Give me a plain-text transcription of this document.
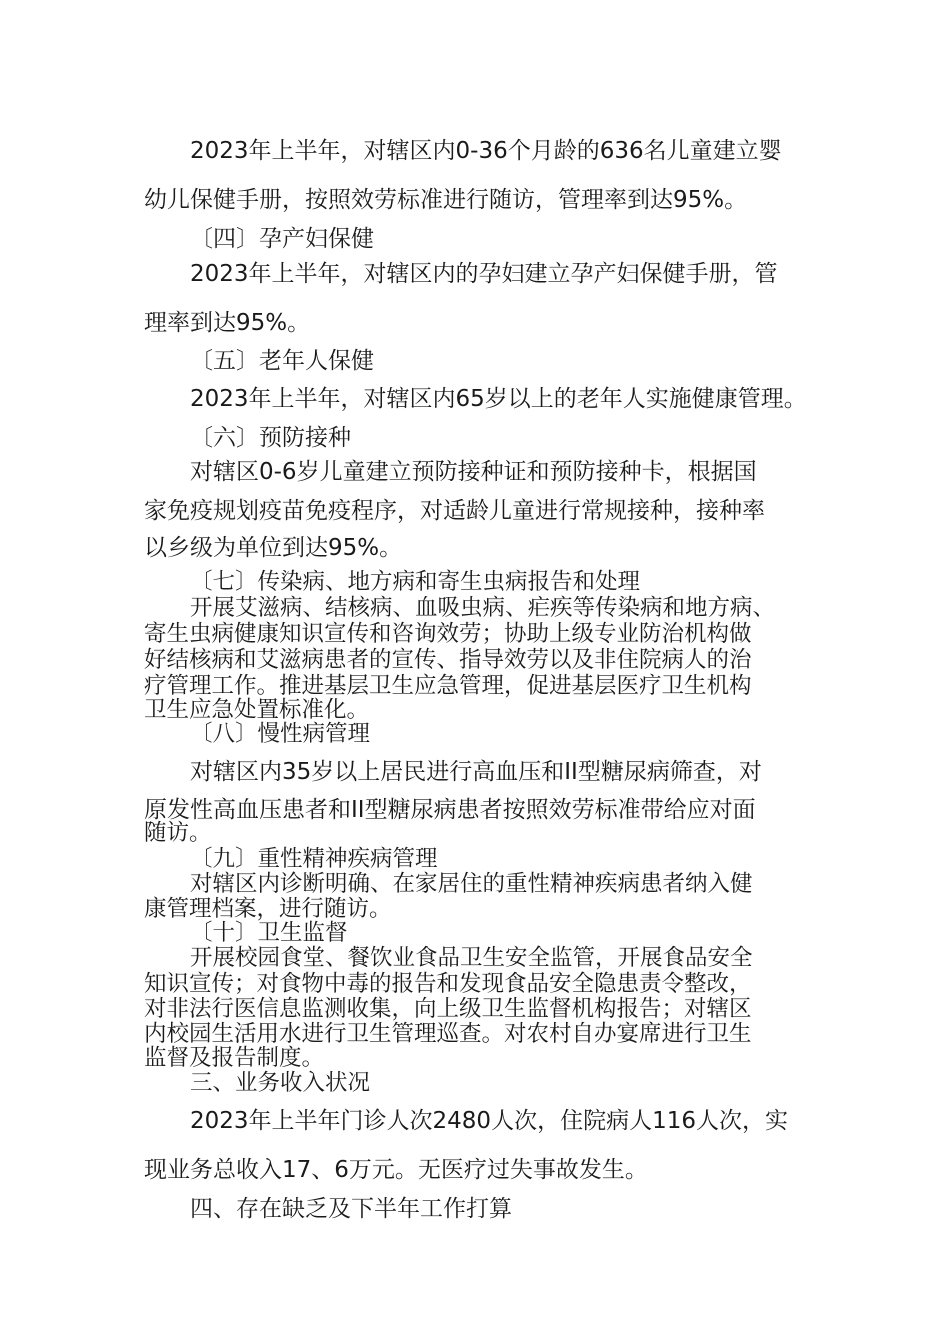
2023年上半年，对辖区内0-36个月龄的636名儿童建立婴

幼儿保健手册，按照效劳标准进行随访，管理率到达95%。

〔四〕孕产妇保健

2023年上半年，对辖区内的孕妇建立孕产妇保健手册，管

理率到达95%。

〔五〕老年人保健

2023年上半年，对辖区内65岁以上的老年人实施健康管理。

〔六〕预防接种

对辖区0-6岁儿童建立预防接种证和预防接种卡，根据国

家免疫规划疫苗免疫程序，对适龄儿童进行常规接种，接种率

以乡级为单位到达95%。

〔七〕传染病、地方病和寄生虫病报告和处理

开展艾滋病、结核病、血吸虫病、疟疾等传染病和地方病、

寄生虫病健康知识宣传和咨询效劳；协助上级专业防治机构做

好结核病和艾滋病患者的宣传、指导效劳以及非住院病人的治

疗管理工作。推进基层卫生应急管理，促进基层医疗卫生机构

卫生应急处置标准化。

〔八〕慢性病管理

对辖区内35岁以上居民进行高血压和II型糖尿病筛查，对

原发性高血压患者和II型糖尿病患者按照效劳标准带给应对面

随访。

〔九〕重性精神疾病管理

对辖区内诊断明确、在家居住的重性精神疾病患者纳入健

康管理档案，进行随访。

〔十〕卫生监督

开展校园食堂、餐饮业食品卫生安全监管，开展食品安全

知识宣传；对食物中毒的报告和发现食品安全隐患责令整改，

对非法行医信息监测收集，向上级卫生监督机构报告；对辖区

内校园生活用水进行卫生管理巡查。对农村自办宴席进行卫生

监督及报告制度。

三、业务收入状况

2023年上半年门诊人次2480人次，住院病人116人次，实

现业务总收入17、6万元。无医疗过失事故发生。

四、存在缺乏及下半年工作打算
